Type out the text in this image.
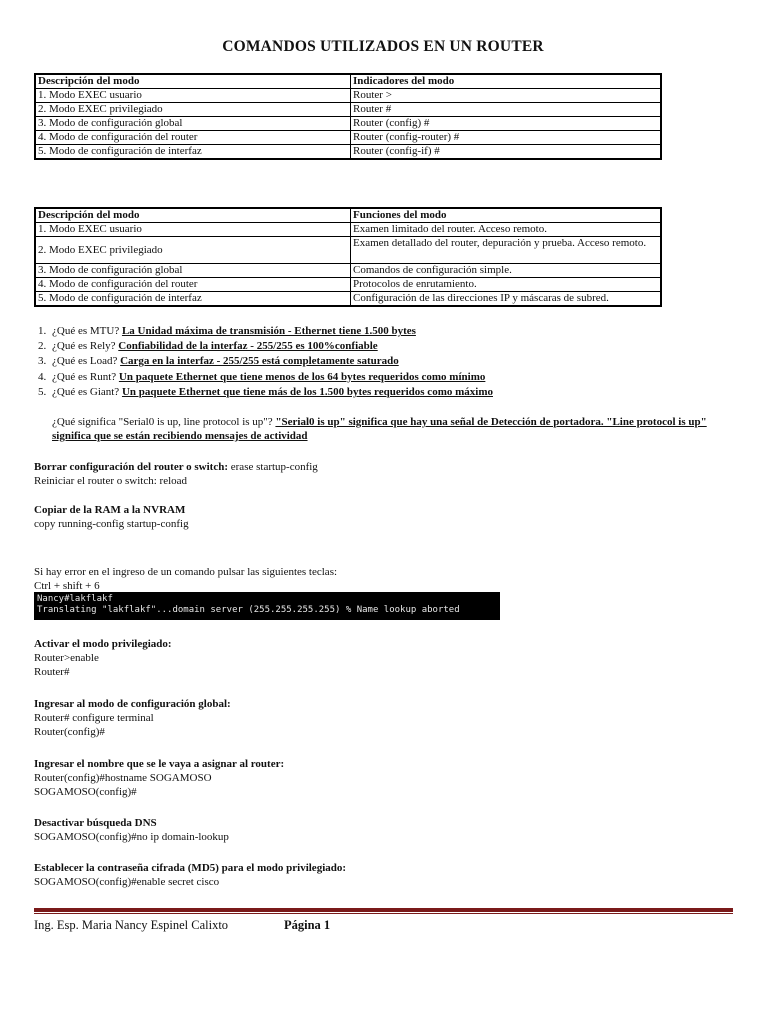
COMANDOS UTILIZADOS EN UN ROUTER
Descripción del modo	Indicadores del modo
1. Modo EXEC usuario	Router >
2. Modo EXEC privilegiado	Router #
3. Modo de configuración global	Router (config) #
4. Modo de configuración del router	Router (config-router) #
5. Modo de configuración de interfaz	Router (config-if) #
Descripción del modo	Funciones del modo
1. Modo EXEC usuario	Examen limitado del router. Acceso remoto.
2. Modo EXEC privilegiado	Examen detallado del router, depuración y prueba. Acceso remoto.
3. Modo de configuración global	Comandos de configuración simple.
4. Modo de configuración del router	Protocolos de enrutamiento.
5. Modo de configuración de interfaz	Configuración de las direcciones IP y máscaras de subred.
1. ¿Qué es MTU? La Unidad máxima de transmisión - Ethernet tiene 1.500 bytes
2. ¿Qué es Rely? Confiabilidad de la interfaz - 255/255 es 100%confiable
3. ¿Qué es Load? Carga en la interfaz - 255/255 está completamente saturado
4. ¿Qué es Runt? Un paquete Ethernet que tiene menos de los 64 bytes requeridos como mínimo
5. ¿Qué es Giant? Un paquete Ethernet que tiene más de los 1.500 bytes requeridos como máximo
¿Qué significa "Serial0 is up, line protocol is up"? "Serial0 is up" significa que hay una señal de Detección de portadora. "Line protocol is up" significa que se están recibiendo mensajes de actividad
Borrar configuración del router o switch: erase startup-config
Reiniciar el router o switch: reload
Copiar de la RAM a la NVRAM
copy running-config startup-config
Si hay error en el ingreso de un comando pulsar las siguientes teclas:
Ctrl + shift + 6
Nancy#lakflakf
Translating "lakflakf"...domain server (255.255.255.255) % Name lookup aborted
Activar el modo privilegiado:
Router>enable
Router#
Ingresar al modo de configuración global:
Router# configure terminal
Router(config)#
Ingresar el nombre que se le vaya a asignar al router:
Router(config)#hostname SOGAMOSO
SOGAMOSO(config)#
Desactivar búsqueda DNS
SOGAMOSO(config)#no ip domain-lookup
Establecer la contraseña cifrada (MD5) para el modo privilegiado:
SOGAMOSO(config)#enable secret cisco
Ing. Esp. Maria Nancy Espinel Calixto	Página 1
